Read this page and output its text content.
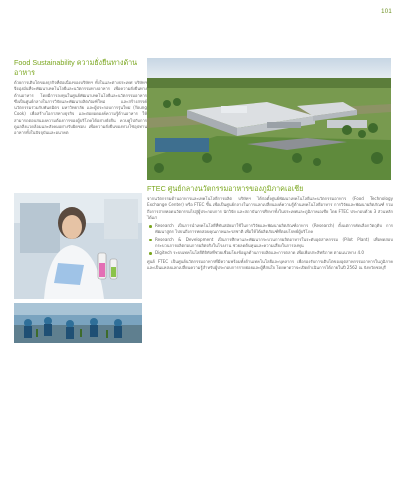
101
Food Sustainability ความยั่งยืนทางด้านอาหาร

ด้วยการเติบโตของธุรกิจที่ต่อเนื่องของบริษัทฯ ทั้งในและต่างประเทศ บริษัทฯ จึงมุ่งมั่นที่จะพัฒนาเทคโนโลยีและนวัตกรรมทางอาหาร เพื่อความยั่งยืนทางด้านอาหาร โดยมีการลงทุนในศูนย์พัฒนาเทคโนโลยีและนวัตกรรมอาหาร ซึ่งเป็นศูนย์กลางในการวิจัยและพัฒนาผลิตภัณฑ์ใหม่ และสร้างสรรค์นวัตกรรมร่วมกับพันธมิตร มหาวิทยาลัย และผู้ประกอบการรุ่นใหม่ (Young Cook) เพื่อสร้างโอกาสทางธุรกิจ และต่อยอดองค์ความรู้ด้านอาหาร ให้สามารถตอบสนองความต้องการของผู้บริโภคได้อย่างยั่งยืน ควบคู่ไปกับการดูแลสิ่งแวดล้อมและสังคมอย่างรับผิดชอบ เพื่อความยั่งยืนของห่วงโซ่อุปทานอาหารทั้งในปัจจุบันและอนาคต

FTEC ศูนย์กลางนวัตกรรมอาหารของภูมิภาคเอเชีย

จากนวัตกรรมด้านอาหารและเทคโนโลยีการผลิต บริษัทฯ ได้ก่อตั้งศูนย์พัฒนาเทคโนโลยีและนวัตกรรมอาหาร (Food Technology Exchange Center) หรือ FTEC ขึ้น เพื่อเป็นศูนย์กลางในการแลกเปลี่ยนองค์ความรู้ด้านเทคโนโลยีอาหาร การวิจัยและพัฒนาผลิตภัณฑ์ รวมถึงการถ่ายทอดนวัตกรรมไปสู่ผู้ประกอบการ นักวิจัย และสถาบันการศึกษาทั้งในประเทศและภูมิภาคเอเชีย โดย FTEC ประกอบด้วย 3 ส่วนหลัก ได้แก่

Research เป็นการนำเทคโนโลยีที่ทันสมัยมาใช้ในการวิจัยและพัฒนาผลิตภัณฑ์อาหาร (Research) ตั้งแต่การคัดเลือกวัตถุดิบ การพัฒนาสูตร ไปจนถึงการทดสอบคุณภาพและรสชาติ เพื่อให้ได้ผลิตภัณฑ์ที่ตอบโจทย์ผู้บริโภค
Research & Development เป็นการศึกษาและพัฒนากระบวนการผลิตอาหารในระดับอุตสาหกรรม (Pilot Plant) เพื่อทดสอบกระบวนการผลิตก่อนการผลิตจริงในโรงงาน ช่วยลดต้นทุนและความเสี่ยงในการลงทุน
Digitech ระบบเทคโนโลยีดิจิทัลที่ช่วยเชื่อมโยงข้อมูลด้านการผลิตและการตลาด เพื่อเพิ่มประสิทธิภาพ ตามแนวทาง 4.0

ศูนย์ FTEC เป็นศูนย์นวัตกรรมอาหารที่มีความพร้อมทั้งด้านเทคโนโลยีและบุคลากร เพื่อรองรับการเติบโตของอุตสาหกรรมอาหารในภูมิภาค และเป็นแหล่งแลกเปลี่ยนความรู้สำหรับผู้ประกอบการรายย่อยและผู้ที่สนใจ โดยคาดว่าจะเปิดดำเนินการได้ภายในปี 2562 ณ จังหวัดชลบุรี
